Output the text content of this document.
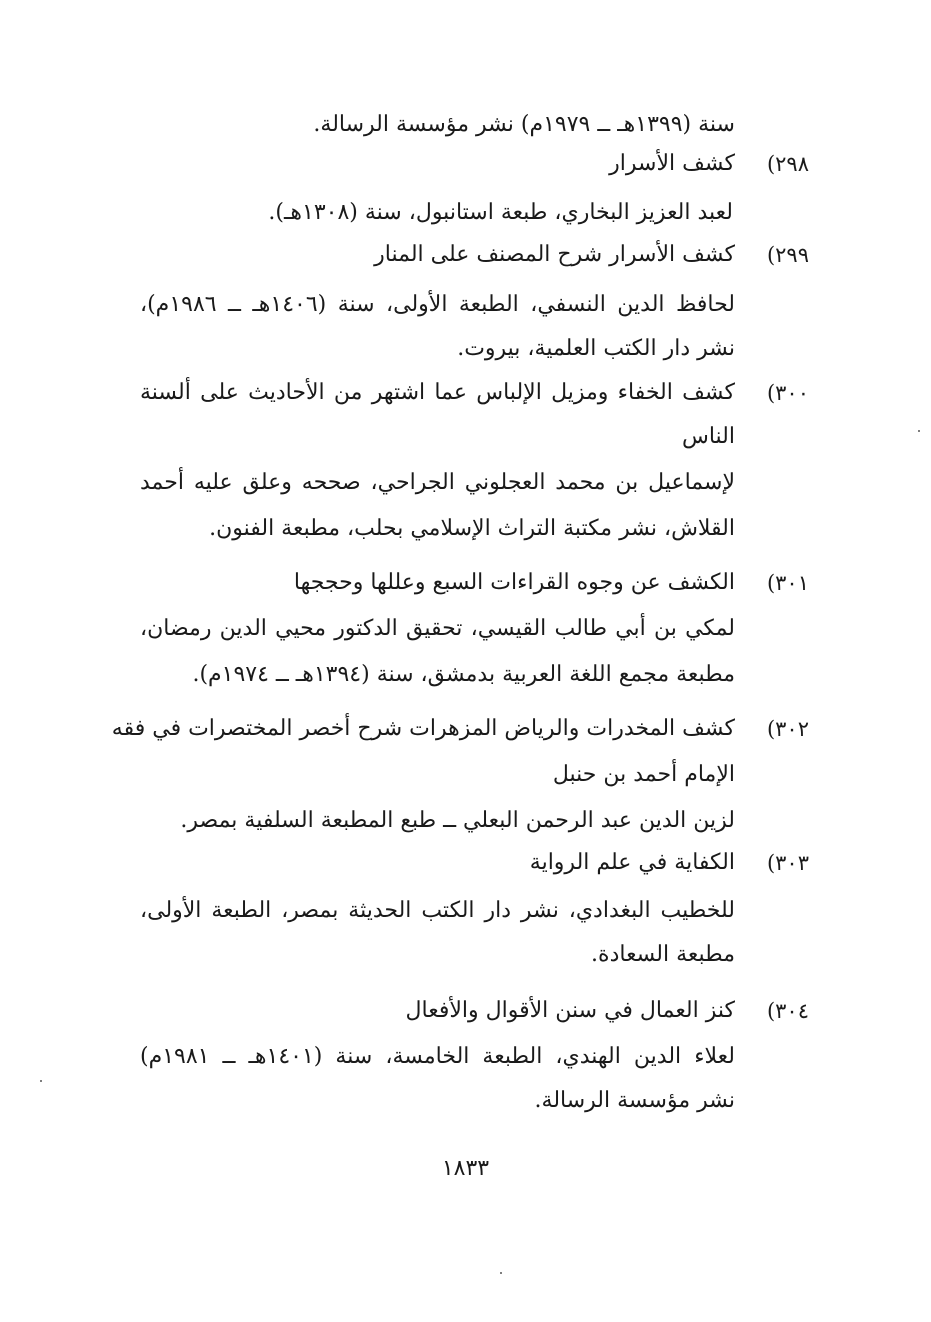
سنة (١٣٩٩هـ ــ ١٩٧٩م) نشر مؤسسة الرسالة.
٢٩٨)
كشف الأسرار
لعبد العزيز البخاري، طبعة استانبول، سنة (١٣٠٨هـ).
٢٩٩)
كشف الأسرار شرح المصنف على المنار
لحافظ الدين النسفي، الطبعة الأولى، سنة (١٤٠٦هـ ــ ١٩٨٦م)،
نشر دار الكتب العلمية، بيروت.
٣٠٠)
كشف الخفاء ومزيل الإلباس عما اشتهر من الأحاديث على ألسنة
الناس
لإسماعيل بن محمد العجلوني الجراحي، صححه وعلق عليه أحمد
القلاش، نشر مكتبة التراث الإسلامي بحلب، مطبعة الفنون.
٣٠١)
الكشف عن وجوه القراءات السبع وعللها وحججها
لمكي بن أبي طالب القيسي، تحقيق الدكتور محيي الدين رمضان،
مطبعة مجمع اللغة العربية بدمشق، سنة (١٣٩٤هـ ــ ١٩٧٤م).
٣٠٢)
كشف المخدرات والرياض المزهرات شرح أخصر المختصرات في فقه
الإمام أحمد بن حنبل
لزين الدين عبد الرحمن البعلي ــ طبع المطبعة السلفية بمصر.
٣٠٣)
الكفاية في علم الرواية
للخطيب البغدادي، نشر دار الكتب الحديثة بمصر، الطبعة الأولى،
مطبعة السعادة.
٣٠٤)
كنز العمال في سنن الأقوال والأفعال
لعلاء الدين الهندي، الطبعة الخامسة، سنة (١٤٠١هـ ــ ١٩٨١م)
نشر مؤسسة الرسالة.
١٨٣٣
